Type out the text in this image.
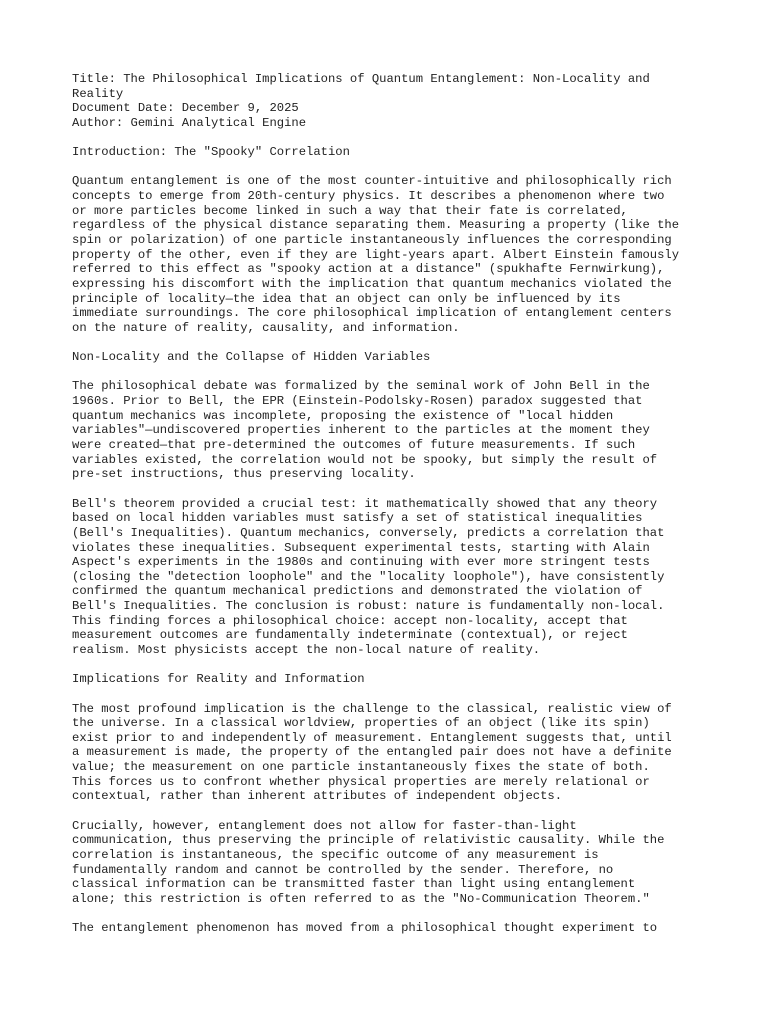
Title: The Philosophical Implications of Quantum Entanglement: Non-Locality and
Reality
Document Date: December 9, 2025
Author: Gemini Analytical Engine
Introduction: The "Spooky" Correlation
Quantum entanglement is one of the most counter-intuitive and philosophically rich
concepts to emerge from 20th-century physics. It describes a phenomenon where two
or more particles become linked in such a way that their fate is correlated,
regardless of the physical distance separating them. Measuring a property (like the
spin or polarization) of one particle instantaneously influences the corresponding
property of the other, even if they are light-years apart. Albert Einstein famously
referred to this effect as "spooky action at a distance" (spukhafte Fernwirkung),
expressing his discomfort with the implication that quantum mechanics violated the
principle of locality—the idea that an object can only be influenced by its
immediate surroundings. The core philosophical implication of entanglement centers
on the nature of reality, causality, and information.
Non-Locality and the Collapse of Hidden Variables
The philosophical debate was formalized by the seminal work of John Bell in the
1960s. Prior to Bell, the EPR (Einstein-Podolsky-Rosen) paradox suggested that
quantum mechanics was incomplete, proposing the existence of "local hidden
variables"—undiscovered properties inherent to the particles at the moment they
were created—that pre-determined the outcomes of future measurements. If such
variables existed, the correlation would not be spooky, but simply the result of
pre-set instructions, thus preserving locality.
Bell's theorem provided a crucial test: it mathematically showed that any theory
based on local hidden variables must satisfy a set of statistical inequalities
(Bell's Inequalities). Quantum mechanics, conversely, predicts a correlation that
violates these inequalities. Subsequent experimental tests, starting with Alain
Aspect's experiments in the 1980s and continuing with ever more stringent tests
(closing the "detection loophole" and the "locality loophole"), have consistently
confirmed the quantum mechanical predictions and demonstrated the violation of
Bell's Inequalities. The conclusion is robust: nature is fundamentally non-local.
This finding forces a philosophical choice: accept non-locality, accept that
measurement outcomes are fundamentally indeterminate (contextual), or reject
realism. Most physicists accept the non-local nature of reality.
Implications for Reality and Information
The most profound implication is the challenge to the classical, realistic view of
the universe. In a classical worldview, properties of an object (like its spin)
exist prior to and independently of measurement. Entanglement suggests that, until
a measurement is made, the property of the entangled pair does not have a definite
value; the measurement on one particle instantaneously fixes the state of both.
This forces us to confront whether physical properties are merely relational or
contextual, rather than inherent attributes of independent objects.
Crucially, however, entanglement does not allow for faster-than-light
communication, thus preserving the principle of relativistic causality. While the
correlation is instantaneous, the specific outcome of any measurement is
fundamentally random and cannot be controlled by the sender. Therefore, no
classical information can be transmitted faster than light using entanglement
alone; this restriction is often referred to as the "No-Communication Theorem."
The entanglement phenomenon has moved from a philosophical thought experiment to
